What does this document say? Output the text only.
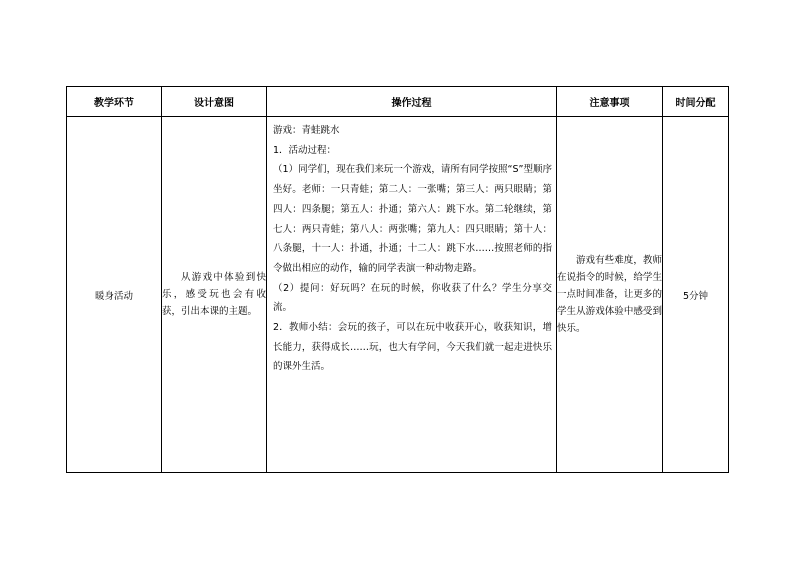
教学环节	设计意图	操作过程	注意事项	时间分配
暖身活动	从游戏中体验到快乐，感受玩也会有收获，引出本课的主题。	游戏：青蛙跳水

1．活动过程：

（1）同学们，现在我们来玩一个游戏，请所有同学按照“S”型顺序坐好。老师：一只青蛙；第二人：一张嘴；第三人：两只眼睛；第四人：四条腿；第五人：扑通；第六人：跳下水。第二轮继续，第七人：两只青蛙；第八人：两张嘴；第九人：四只眼睛；第十人：八条腿，十一人：扑通，扑通；十二人：跳下水……按照老师的指令做出相应的动作，输的同学表演一种动物走路。

（2）提问：好玩吗？在玩的时候，你收获了什么？学生分享交流。

2．教师小结：会玩的孩子，可以在玩中收获开心，收获知识，增长能力，获得成长……玩，也大有学问，今天我们就一起走进快乐的课外生活。	游戏有些难度，教师在说指令的时候，给学生一点时间准备，让更多的学生从游戏体验中感受到快乐。	5分钟
